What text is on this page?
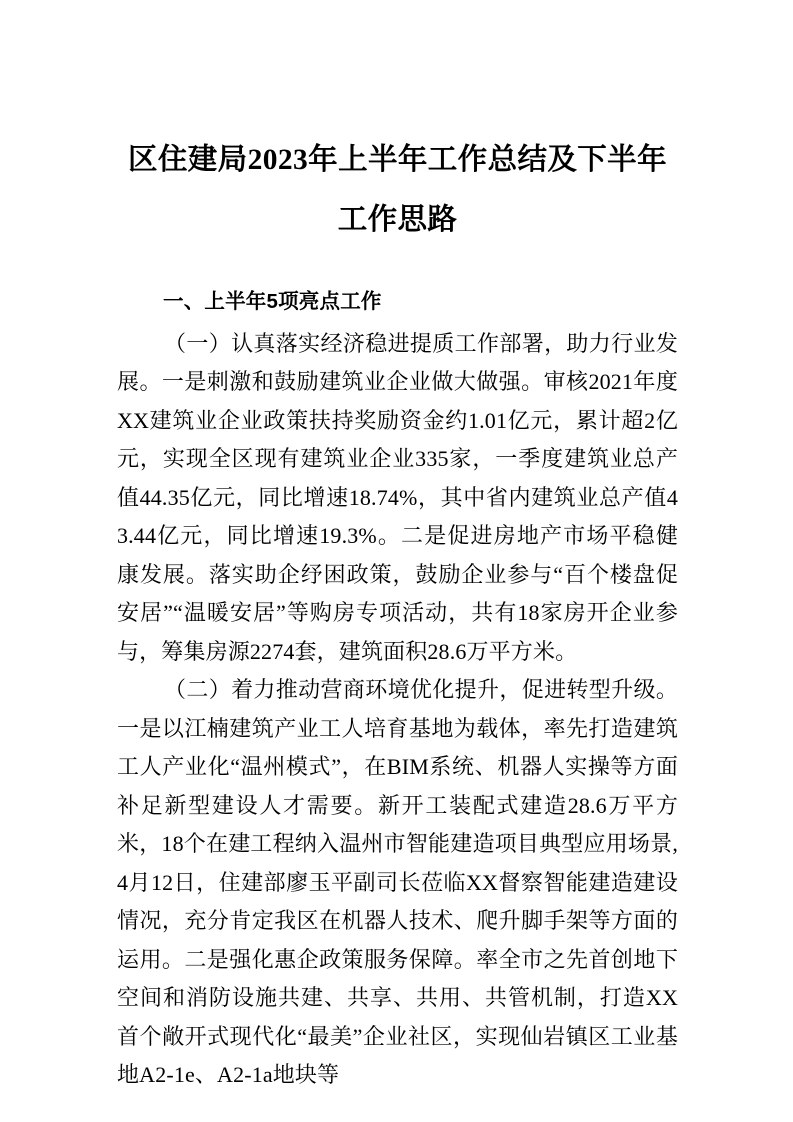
区住建局2023年上半年工作总结及下半年
工作思路
一、上半年5项亮点工作

（一）认真落实经济稳进提质工作部署，助力行业发展。一是刺激和鼓励建筑业企业做大做强。审核2021年度XX建筑业企业政策扶持奖励资金约1.01亿元，累计超2亿元，实现全区现有建筑业企业335家，一季度建筑业总产值44.35亿元，同比增速18.74%，其中省内建筑业总产值43.44亿元，同比增速19.3%。二是促进房地产市场平稳健康发展。落实助企纾困政策，鼓励企业参与“百个楼盘促安居”“温暖安居”等购房专项活动，共有18家房开企业参与，筹集房源2274套，建筑面积28.6万平方米。

（二）着力推动营商环境优化提升，促进转型升级。一是以江楠建筑产业工人培育基地为载体，率先打造建筑工人产业化“温州模式”，在BIM系统、机器人实操等方面补足新型建设人才需要。新开工装配式建造28.6万平方米，18个在建工程纳入温州市智能建造项目典型应用场景,4月12日，住建部廖玉平副司长莅临XX督察智能建造建设情况，充分肯定我区在机器人技术、爬升脚手架等方面的运用。二是强化惠企政策服务保障。率全市之先首创地下空间和消防设施共建、共享、共用、共管机制，打造XX首个敞开式现代化“最美”企业社区，实现仙岩镇区工业基地A2-1e、A2-1a地块等
